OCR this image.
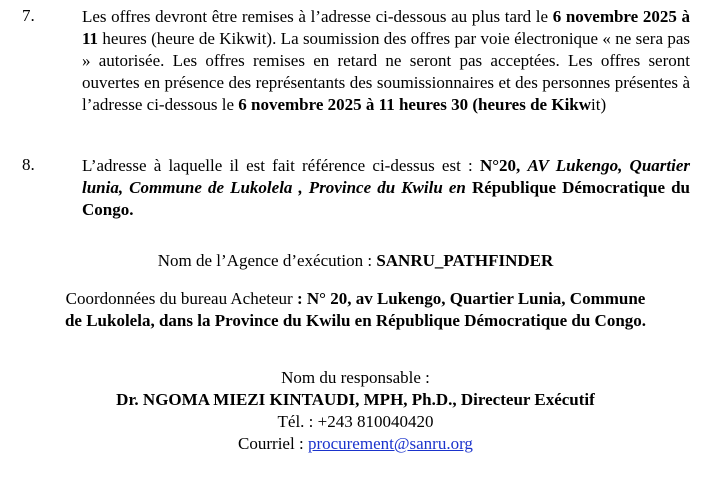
7.	Les offres devront être remises à l’adresse ci-dessous au plus tard le 6 novembre 2025 à 11 heures (heure de Kikwit). La soumission des offres par voie électronique « ne sera pas » autorisée. Les offres remises en retard ne seront pas acceptées. Les offres seront ouvertes en présence des représentants des soumissionnaires et des personnes présentes à l’adresse ci-dessous le 6 novembre 2025 à 11 heures 30 (heures de Kikwit)
8.	L’adresse à laquelle il est fait référence ci-dessus est : N°20, AV Lukengo, Quartier lunia, Commune de Lukolela , Province du Kwilu en République Démocratique du Congo.
Nom de l’Agence d’exécution : SANRU_PATHFINDER
Coordonnées du bureau Acheteur : N° 20, av Lukengo, Quartier Lunia, Commune
de Lukolela, dans la Province du Kwilu en République Démocratique du Congo.
Nom du responsable :
Dr. NGOMA MIEZI KINTAUDI, MPH, Ph.D., Directeur Exécutif
Tél. : +243 810040420
Courriel : procurement@sanru.org
